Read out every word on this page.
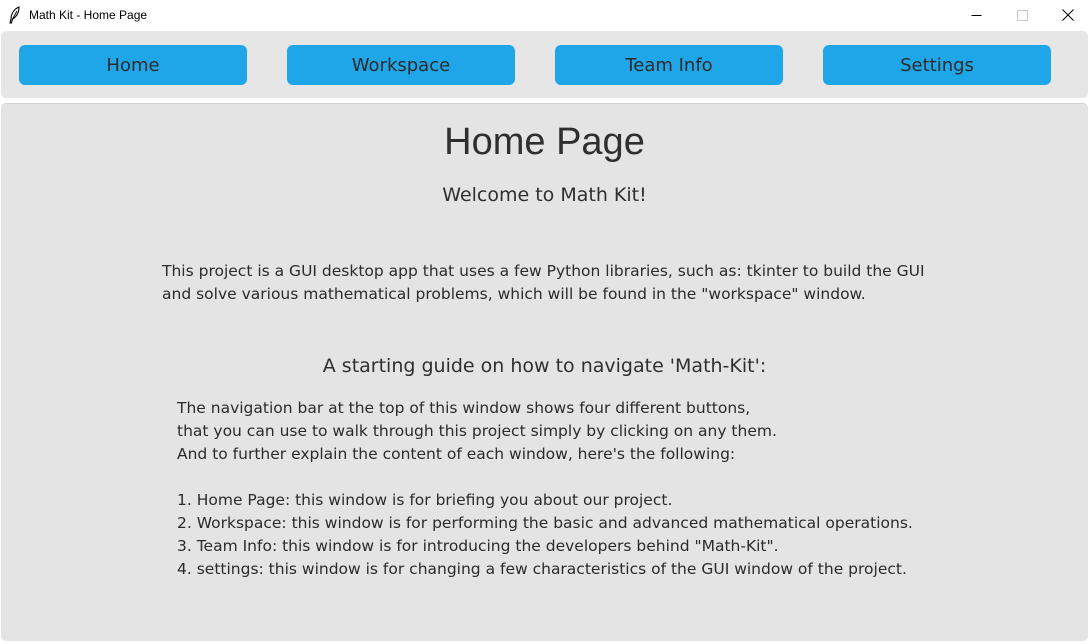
Math Kit - Home Page
Home	Workspace	Team Info	Settings
Home Page
Welcome to Math Kit!
This project is a GUI desktop app that uses a few Python libraries, such as: tkinter to build the GUI
and solve various mathematical problems, which will be found in the "workspace" window.
A starting guide on how to navigate 'Math-Kit':
The navigation bar at the top of this window shows four different buttons,
that you can use to walk through this project simply by clicking on any them.
And to further explain the content of each window, here's the following:
1. Home Page: this window is for briefing you about our project.
2. Workspace: this window is for performing the basic and advanced mathematical operations.
3. Team Info: this window is for introducing the developers behind "Math-Kit".
4. settings: this window is for changing a few characteristics of the GUI window of the project.
